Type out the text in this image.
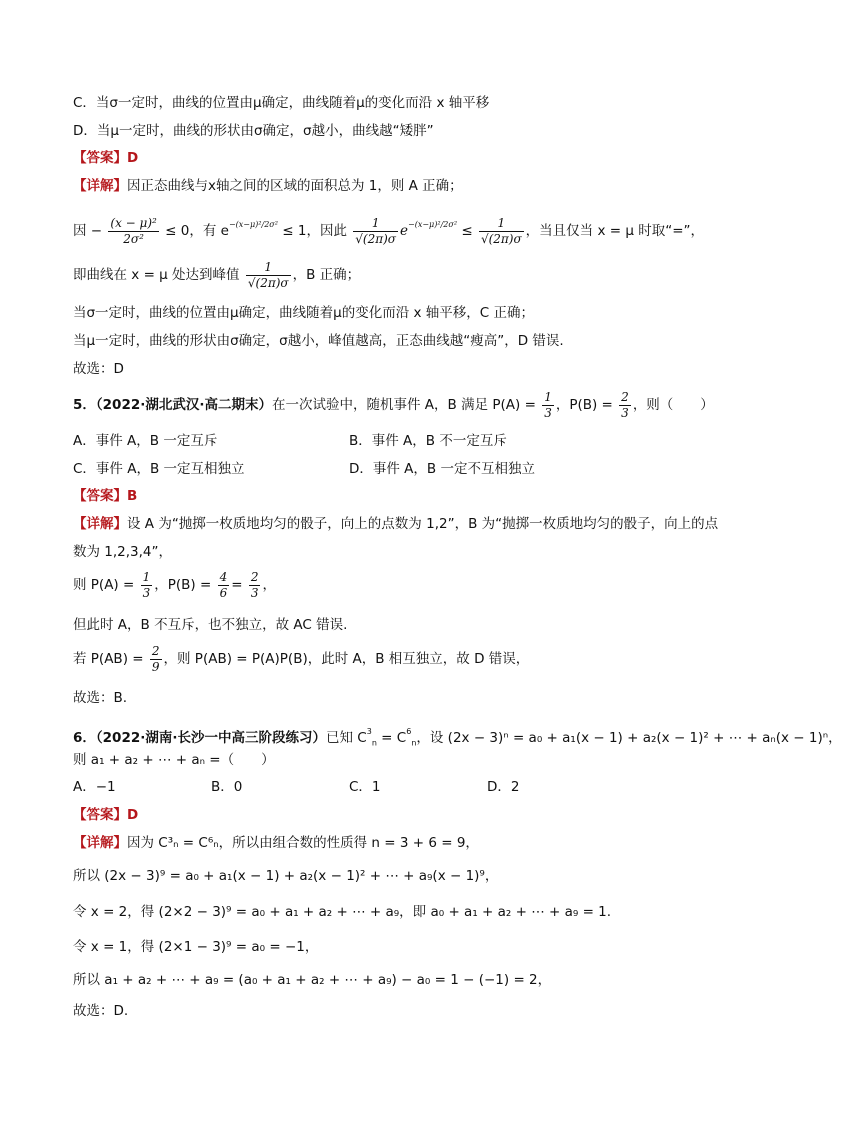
C．当σ一定时，曲线的位置由μ确定，曲线随着μ的变化而沿 x 轴平移
D．当μ一定时，曲线的形状由σ确定，σ越小，曲线越“矮胖”
【答案】D
【详解】因正态曲线与x轴之间的区域的面积总为 1，则 A 正确；
因 − $\frac{\text{(x − μ)²}}{\text{2σ²}} \le 0$，有 $e^{-(x-\mu)^2/2\sigma^2} \le 1$，因此 $\frac{1}{√(2\pi)\sigma} e^{-(x-\mu)^2/2\sigma^2} \le \frac{1}{√(2\pi)\sigma}$ ，当且仅当 x = μ 时取“=”，
即曲线在 x = μ 处达到峰值 $\frac{1}{√(2\pi)\sigma}$ ，B 正确；
当σ一定时，曲线的位置由μ确定，曲线随着μ的变化而沿 x 轴平移，C 正确；
当μ一定时，曲线的形状由σ确定，σ越小，峰值越高，正态曲线越“瘦高”，D 错误.
故选：D
5．（2022·湖北武汉·高二期末）在一次试验中，随机事件 A，B 满足 $P(A) = \frac{1}{3}$ ，$P(B) = \frac{2}{3}$ ，则（　　）
A．事件 A，B 一定互斥	B．事件 A，B 不一定互斥
C．事件 A，B 一定互相独立	D．事件 A，B 一定不互相独立
【答案】B
【详解】设 A 为“抛掷一枚质地均匀的骰子，向上的点数为 1,2”，B 为“抛掷一枚质地均匀的骰子，向上的点
数为 1,2,3,4”，
则 $P(A) = \frac{1}{3}$ ，$P(B) = \frac{4}{6} = \frac{2}{3}$ ，
但此时 A，B 不互斥，也不独立，故 AC 错误.
若 $P(AB) = \frac{2}{9}$ ，则 P(AB) = P(A)P(B)，此时 A，B 相互独立，故 D 错误，
故选：B.
6．（2022·湖南·长沙一中高三阶段练习）已知 $C^3_n = C^6_n$，设 (2x − 3)ⁿ = a₀ + a₁(x − 1) + a₂(x − 1)² + ⋯ + aₙ(x − 1)ⁿ，
则 a₁ + a₂ + ⋯ + aₙ =（　　）
A．−1	B．0	C．1	D．2
【答案】D
【详解】因为 C³ₙ = C⁶ₙ，所以由组合数的性质得 n = 3 + 6 = 9，
所以 (2x − 3)⁹ = a₀ + a₁(x − 1) + a₂(x − 1)² + ⋯ + a₉(x − 1)⁹，
令 x = 2，得 (2×2 − 3)⁹ = a₀ + a₁ + a₂ + ⋯ + a₉，即 a₀ + a₁ + a₂ + ⋯ + a₉ = 1.
令 x = 1，得 (2×1 − 3)⁹ = a₀ = −1，
所以 a₁ + a₂ + ⋯ + a₉ = (a₀ + a₁ + a₂ + ⋯ + a₉) − a₀ = 1 − (−1) = 2，
故选：D.
